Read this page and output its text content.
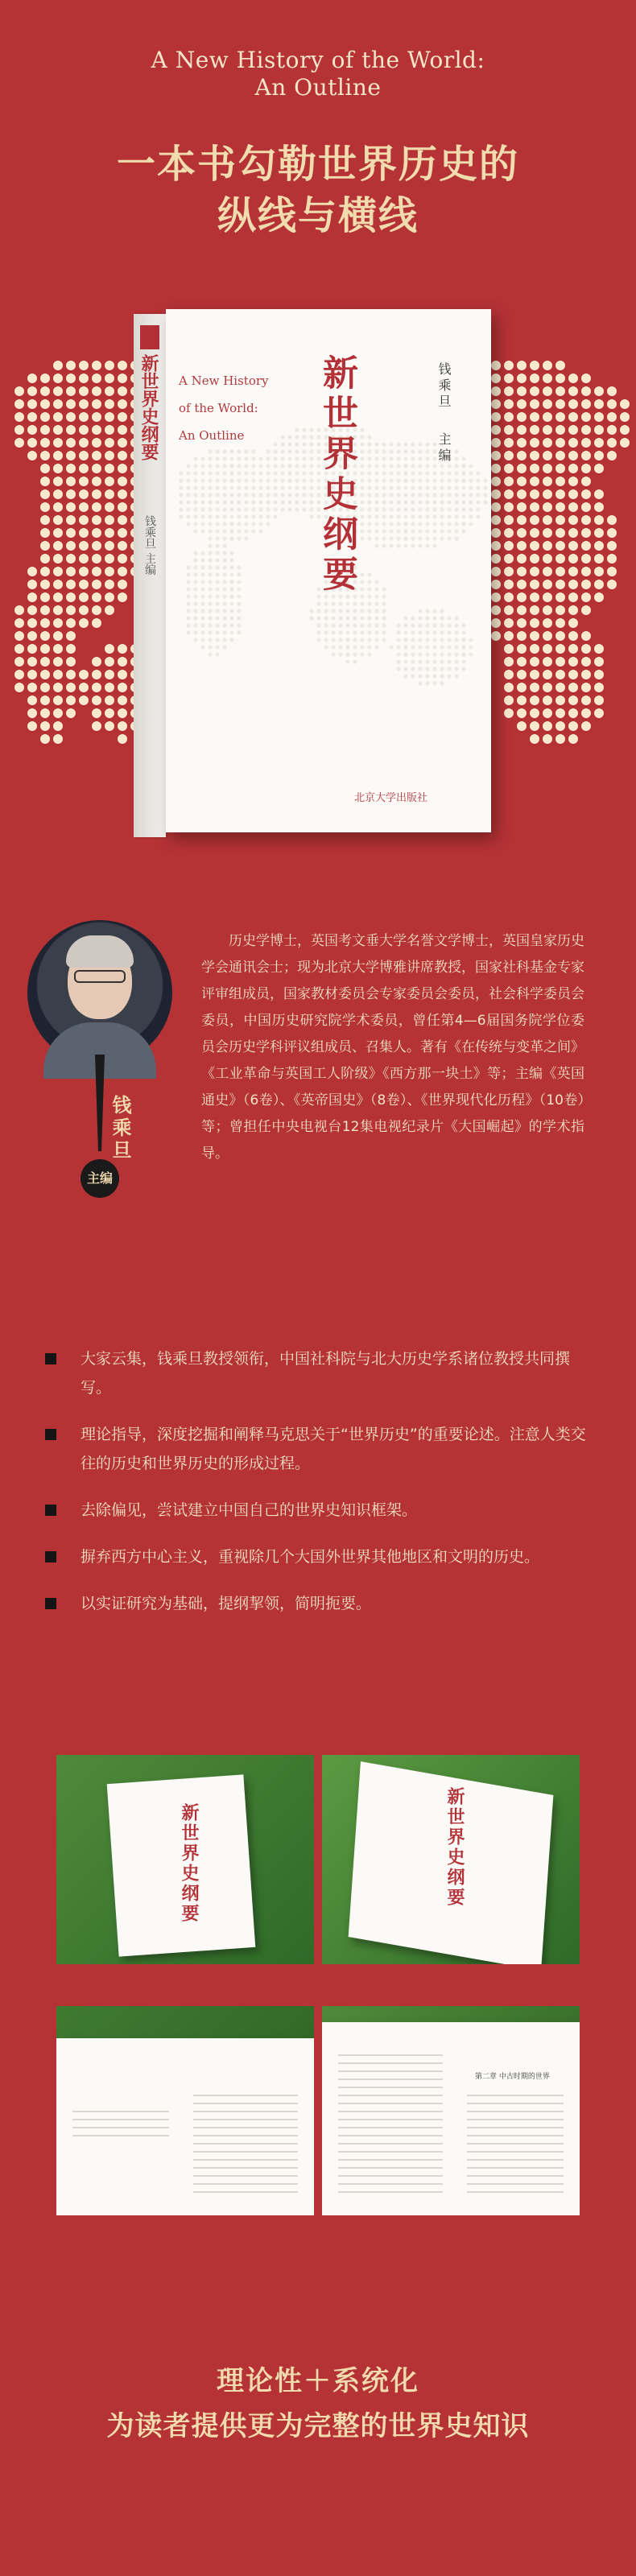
A New History of the World:
An Outline
一本书勾勒世界历史的
纵线与横线
新世界史纲要
钱乘旦 主编
A New History
of the World:
An Outline	新世界史纲要	钱乘旦 主编
北京大学出版社
钱乘旦
主编
历史学博士，英国考文垂大学名誉文学博士，英国皇家历史学会通讯会士；现为北京大学博雅讲席教授，国家社科基金专家评审组成员，国家教材委员会专家委员会委员，社会科学委员会委员，中国历史研究院学术委员，曾任第4—6届国务院学位委员会历史学科评议组成员、召集人。著有《在传统与变革之间》《工业革命与英国工人阶级》《西方那一块土》等；主编《英国通史》（6卷）、《英帝国史》（8卷）、《世界现代化历程》（10卷）等；曾担任中央电视台12集电视纪录片《大国崛起》的学术指导。
大家云集，钱乘旦教授领衔，中国社科院与北大历史学系诸位教授共同撰写。
理论指导，深度挖掘和阐释马克思关于“世界历史”的重要论述。注意人类交往的历史和世界历史的形成过程。
去除偏见，尝试建立中国自己的世界史知识框架。
摒弃西方中心主义，重视除几个大国外世界其他地区和文明的历史。
以实证研究为基础，提纲挈领，简明扼要。
新世界史纲要	新世界史纲要
第二章 中古时期的世界
理论性＋系统化
为读者提供更为完整的世界史知识
